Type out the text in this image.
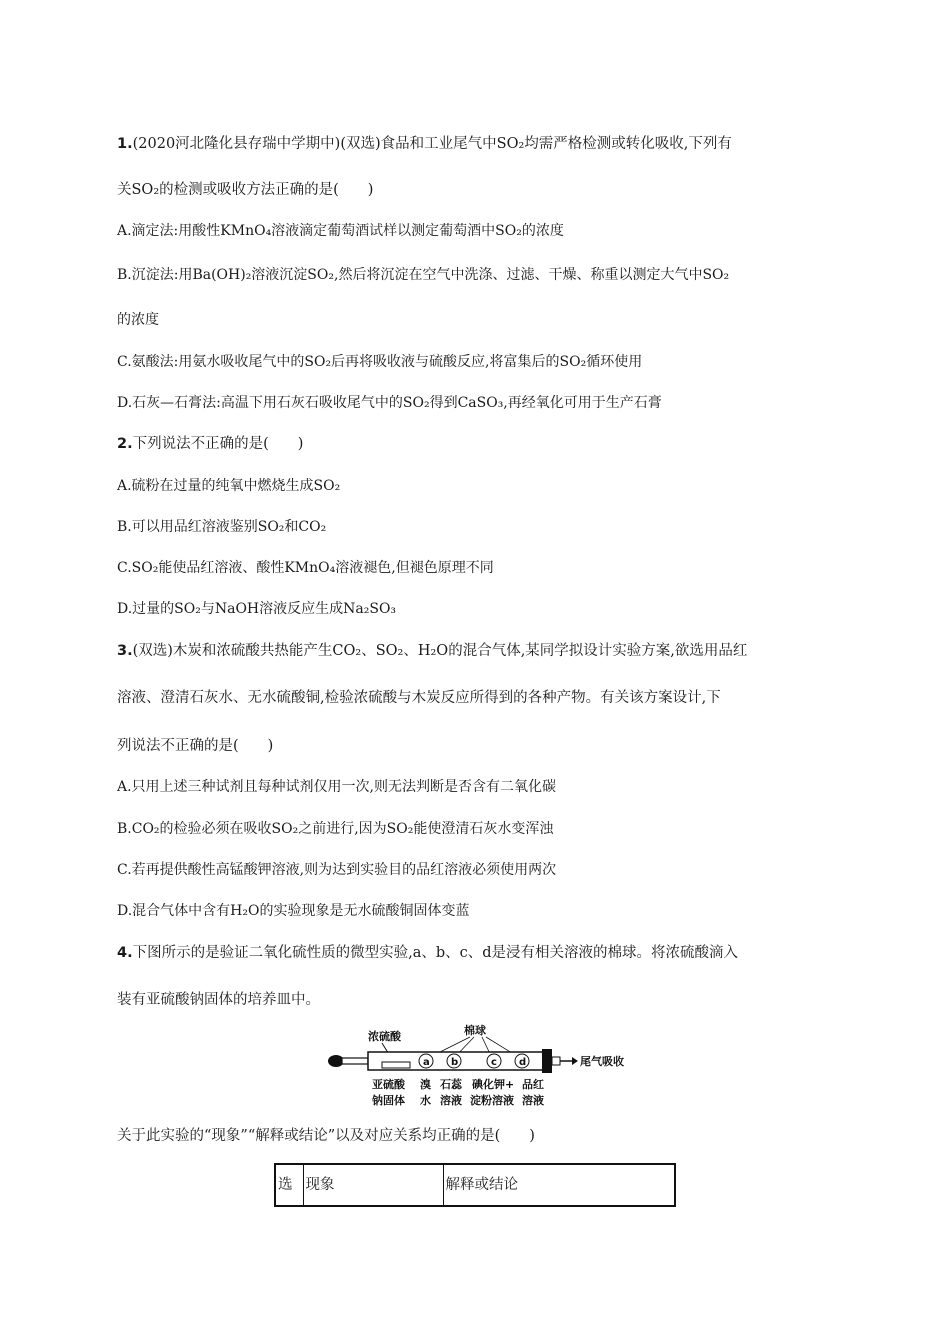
1.(2020河北隆化县存瑞中学期中)(双选)食品和工业尾气中SO₂均需严格检测或转化吸收,下列有
关SO₂的检测或吸收方法正确的是(　　)
A.滴定法:用酸性KMnO₄溶液滴定葡萄酒试样以测定葡萄酒中SO₂的浓度
B.沉淀法:用Ba(OH)₂溶液沉淀SO₂,然后将沉淀在空气中洗涤、过滤、干燥、称重以测定大气中SO₂
的浓度
C.氨酸法:用氨水吸收尾气中的SO₂后再将吸收液与硫酸反应,将富集后的SO₂循环使用
D.石灰—石膏法:高温下用石灰石吸收尾气中的SO₂得到CaSO₃,再经氧化可用于生产石膏
2.下列说法不正确的是(　　)
A.硫粉在过量的纯氧中燃烧生成SO₂
B.可以用品红溶液鉴别SO₂和CO₂
C.SO₂能使品红溶液、酸性KMnO₄溶液褪色,但褪色原理不同
D.过量的SO₂与NaOH溶液反应生成Na₂SO₃
3.(双选)木炭和浓硫酸共热能产生CO₂、SO₂、H₂O的混合气体,某同学拟设计实验方案,欲选用品红
溶液、澄清石灰水、无水硫酸铜,检验浓硫酸与木炭反应所得到的各种产物。有关该方案设计,下
列说法不正确的是(　　)
A.只用上述三种试剂且每种试剂仅用一次,则无法判断是否含有二氧化碳
B.CO₂的检验必须在吸收SO₂之前进行,因为SO₂能使澄清石灰水变浑浊
C.若再提供酸性高锰酸钾溶液,则为达到实验目的品红溶液必须使用两次
D.混合气体中含有H₂O的实验现象是无水硫酸铜固体变蓝
4.下图所示的是验证二氧化硫性质的微型实验,a、b、c、d是浸有相关溶液的棉球。将浓硫酸滴入
装有亚硫酸钠固体的培养皿中。
浓硫酸	棉球
a b	c d	尾气吸收
亚硫酸
钠固体
溴
水
石蕊
溶液
碘化钾+
淀粉溶液
品红
溶液
关于此实验的“现象”“解释或结论”以及对应关系均正确的是(　　)
选	现象	解释或结论
